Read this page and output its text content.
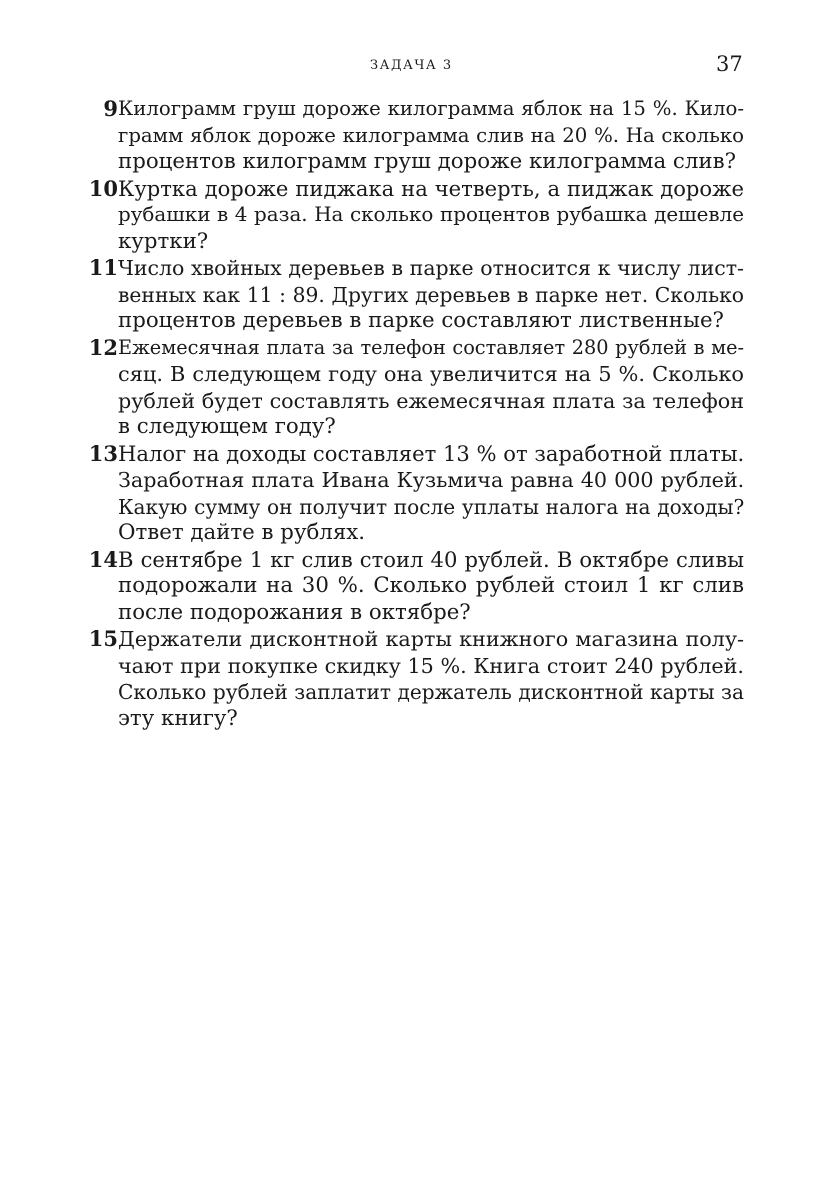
ЗАДАЧА 3	37
9 Килограмм груш дороже килограмма яблок на 15 %. Кило-
грамм яблок дороже килограмма слив на 20 %. На сколько
процентов килограмм груш дороже килограмма слив?
10 Куртка дороже пиджака на четверть, а пиджак дороже
рубашки в 4 раза. На сколько процентов рубашка дешевле
куртки?
11 Число хвойных деревьев в парке относится к числу лист-
венных как 11 : 89. Других деревьев в парке нет. Сколько
процентов деревьев в парке составляют лиственные?
12 Ежемесячная плата за телефон составляет 280 рублей в ме-
сяц. В следующем году она увеличится на 5 %. Сколько
рублей будет составлять ежемесячная плата за телефон
в следующем году?
13 Налог на доходы составляет 13 % от заработной платы.
Заработная плата Ивана Кузьмича равна 40 000 рублей.
Какую сумму он получит после уплаты налога на доходы?
Ответ дайте в рублях.
14 В сентябре 1 кг слив стоил 40 рублей. В октябре сливы
подорожали на 30 %. Сколько рублей стоил 1 кг слив
после подорожания в октябре?
15 Держатели дисконтной карты книжного магазина полу-
чают при покупке скидку 15 %. Книга стоит 240 рублей.
Сколько рублей заплатит держатель дисконтной карты за
эту книгу?
